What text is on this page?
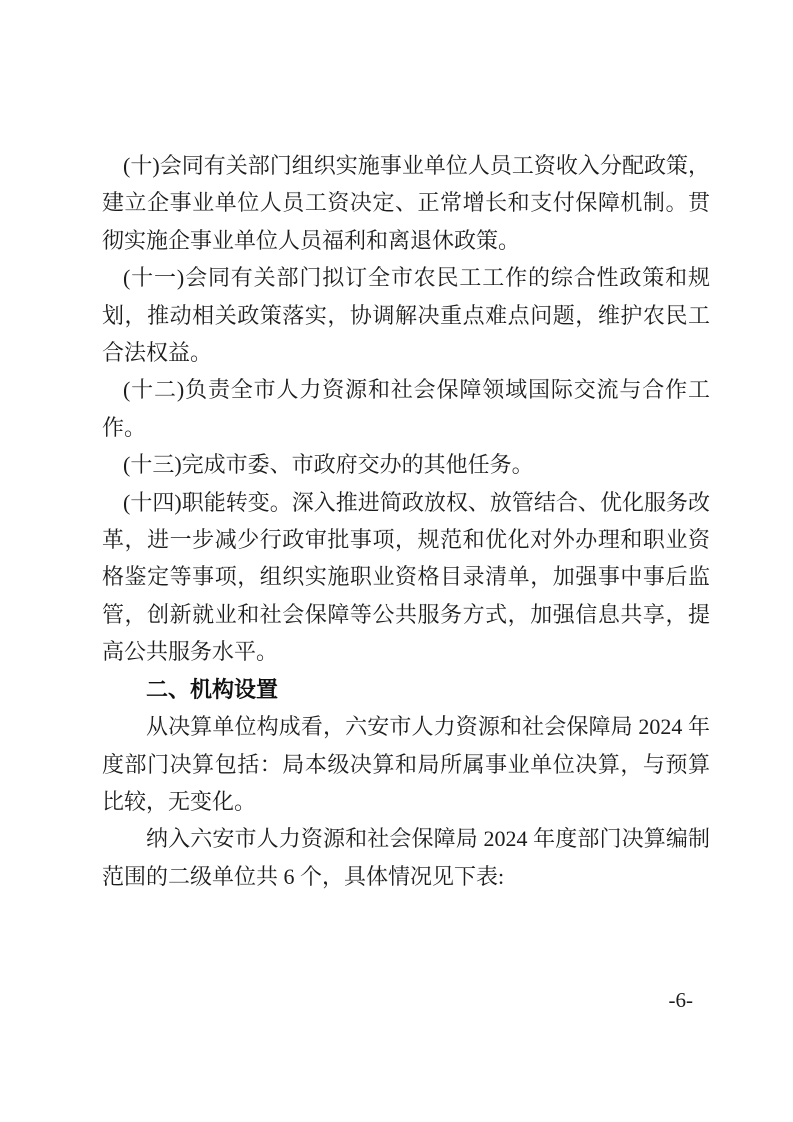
(十)会同有关部门组织实施事业单位人员工资收入分配政策，建立企事业单位人员工资决定、正常增长和支付保障机制。贯彻实施企事业单位人员福利和离退休政策。

(十一)会同有关部门拟订全市农民工工作的综合性政策和规划，推动相关政策落实，协调解决重点难点问题，维护农民工合法权益。

(十二)负责全市人力资源和社会保障领域国际交流与合作工作。

(十三)完成市委、市政府交办的其他任务。

(十四)职能转变。深入推进简政放权、放管结合、优化服务改革，进一步减少行政审批事项，规范和优化对外办理和职业资格鉴定等事项，组织实施职业资格目录清单，加强事中事后监管，创新就业和社会保障等公共服务方式，加强信息共享，提高公共服务水平。

二、机构设置

从决算单位构成看，六安市人力资源和社会保障局 2024 年度部门决算包括：局本级决算和局所属事业单位决算，与预算比较，无变化。

纳入六安市人力资源和社会保障局 2024 年度部门决算编制范围的二级单位共 6 个，具体情况见下表:

-6-
